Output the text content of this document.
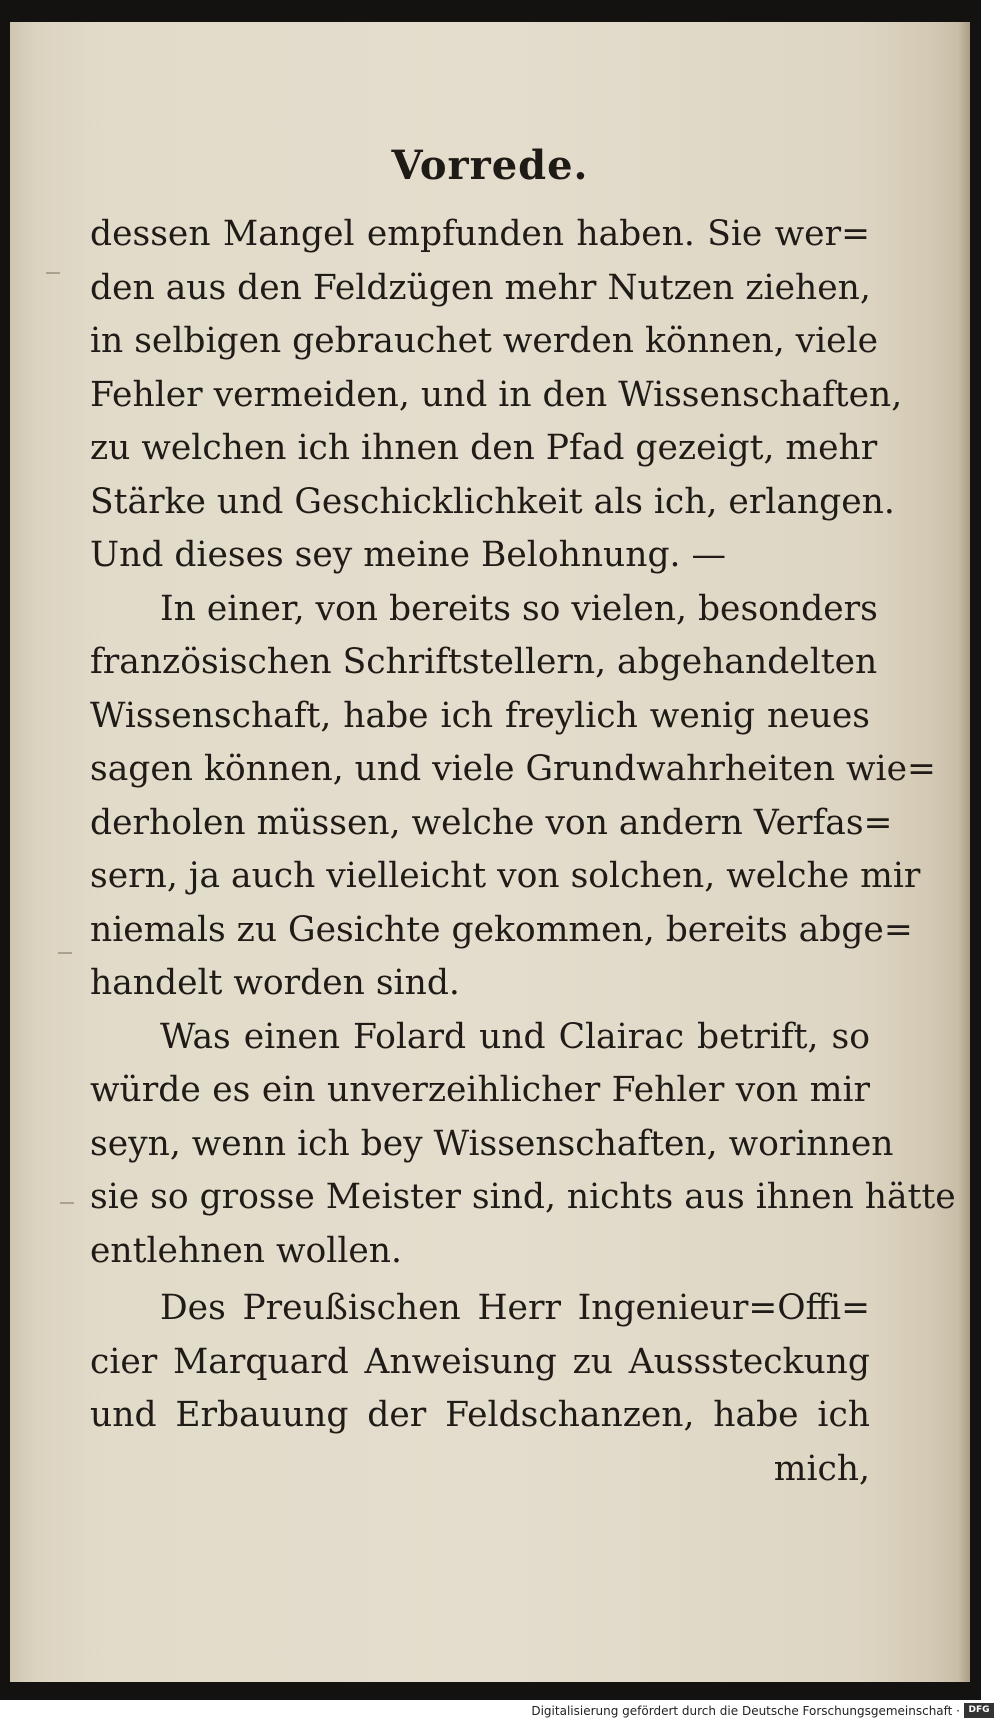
Vorrede.
dessen Mangel empfunden haben. Sie wer=
den aus den Feldzügen mehr Nutzen ziehen,
in selbigen gebrauchet werden können, viele
Fehler vermeiden, und in den Wissenschaften,
zu welchen ich ihnen den Pfad gezeigt, mehr
Stärke und Geschicklichkeit als ich, erlangen.
Und dieses sey meine Belohnung. —
In einer, von bereits so vielen, besonders
französischen Schriftstellern, abgehandelten
Wissenschaft, habe ich freylich wenig neues
sagen können, und viele Grundwahrheiten wie=
derholen müssen, welche von andern Verfas=
sern, ja auch vielleicht von solchen, welche mir
niemals zu Gesichte gekommen, bereits abge=
handelt worden sind.
Was einen Folard und Clairac betrift, so
würde es ein unverzeihlicher Fehler von mir
seyn, wenn ich bey Wissenschaften, worinnen
sie so grosse Meister sind, nichts aus ihnen hätte
entlehnen wollen.
Des Preußischen Herr Ingenieur=Offi=
cier Marquard Anweisung zu Ausssteckung
und Erbauung der Feldschanzen, habe ich
mich,
Digitalisierung gefördert durch die Deutsche Forschungsgemeinschaft · DFG
